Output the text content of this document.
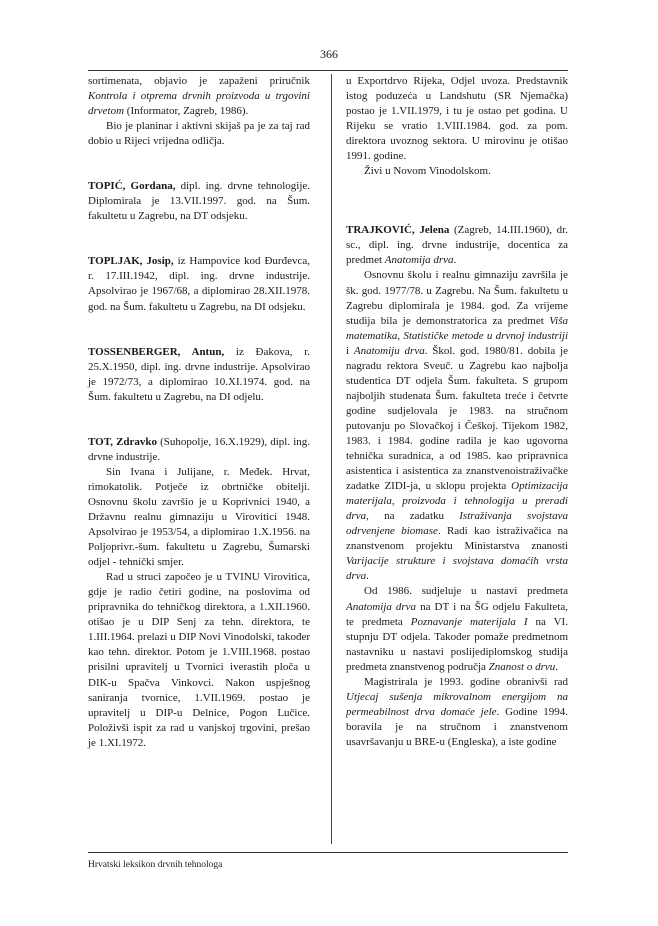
366

sortimenata, objavio je zapaženi priručnik Kontrola i otprema drvnih proizvoda u trgovini drvetom (Informator, Zagreb, 1986).

Bio je planinar i aktivni skijaš pa je za taj rad dobio u Rijeci vrijedna odličja.

TOPIĆ, Gordana, dipl. ing. drvne tehnologije. Diplomirala je 13.VII.1997. god. na Šum. fakultetu u Zagrebu, na DT odsjeku.

TOPLJAK, Josip, iz Hampovice kod Đurđevca, r. 17.III.1942, dipl. ing. drvne industrije. Apsolvirao je 1967/68, a diplomirao 28.XII.1978. god. na Šum. fakultetu u Zagrebu, na DI odsjeku.

TOSSENBERGER, Antun, iz Đakova, r. 25.X.1950, dipl. ing. drvne industrije. Apsolvirao je 1972/73, a diplomirao 10.XI.1974. god. na Šum. fakultetu u Zagrebu, na DI odjelu.

TOT, Zdravko (Suhopolje, 16.X.1929), dipl. ing. drvne industrije.

Sin Ivana i Julijane, r. Međek. Hrvat, rimokatolik. Potječe iz obrtničke obitelji. Osnovnu školu završio je u Koprivnici 1940, a Državnu realnu gimnaziju u Virovitici 1948. Apsolvirao je 1953/54, a diplomirao 1.X.1956. na Poljoprivr.-šum. fakultetu u Zagrebu, Šumarski odjel - tehnički smjer.

Rad u struci započeo je u TVINU Virovitica, gdje je radio četiri godine, na poslovima od pripravnika do tehničkog direktora, a 1.XII.1960. otišao je u DIP Senj za tehn. direktora, te 1.III.1964. prelazi u DIP Novi Vinodolski, također kao tehn. direktor. Potom je 1.VIII.1968. postao prisilni upravitelj u Tvornici iverastih ploča u DIK-u Spačva Vinkovci. Nakon uspješnog saniranja tvornice, 1.VII.1969. postao je upravitelj u DIP-u Delnice, Pogon Lučice. Položivši ispit za rad u vanjskoj trgovini, prešao je 1.XI.1972.

u Exportdrvo Rijeka, Odjel uvoza. Predstavnik istog poduzeća u Landshutu (SR Njemačka) postao je 1.VII.1979, i tu je ostao pet godina. U Rijeku se vratio 1.VIII.1984. god. za pom. direktora uvoznog sektora. U mirovinu je otišao 1991. godine.

Živi u Novom Vinodolskom.

TRAJKOVIĆ, Jelena (Zagreb, 14.III.1960), dr. sc., dipl. ing. drvne industrije, docentica za predmet Anatomija drva.

Osnovnu školu i realnu gimnaziju završila je šk. god. 1977/78. u Zagrebu. Na Šum. fakultetu u Zagrebu diplomirala je 1984. god. Za vrijeme studija bila je demonstratorica za predmet Viša matematika, Statističke metode u drvnoj industriji i Anatomiju drva. Škol. god. 1980/81. dobila je nagradu rektora Sveuč. u Zagrebu kao najbolja studentica DT odjela Šum. fakulteta. S grupom najboljih studenata Šum. fakulteta treće i četvrte godine sudjelovala je 1983. na stručnom putovanju po Slovačkoj i Češkoj. Tijekom 1982, 1983. i 1984. godine radila je kao ugovorna tehnička suradnica, a od 1985. kao pripravnica asistentica i asistentica za znanstvenoistraživačke zadatke ZIDI-ja, u sklopu projekta Optimizacija materijala, proizvoda i tehnologija u preradi drva, na zadatku Istraživanja svojstava odrvenjene biomase. Radi kao istraživačica na znanstvenom projektu Ministarstva znanosti Varijacije strukture i svojstava domaćih vrsta drva.

Od 1986. sudjeluje u nastavi predmeta Anatomija drva na DT i na ŠG odjelu Fakulteta, te predmeta Poznavanje materijala I na VI. stupnju DT odjela. Također pomaže predmetnom nastavniku u nastavi poslijediplomskog studija predmeta znanstvenog područja Znanost o drvu.

Magistrirala je 1993. godine obranivši rad Utjecaj sušenja mikrovalnom energijom na permeabilnost drva domaće jele. Godine 1994. boravila je na stručnom i znanstvenom usavršavanju u BRE-u (Engleska), a iste godine

Hrvatski leksikon drvnih tehnologa
